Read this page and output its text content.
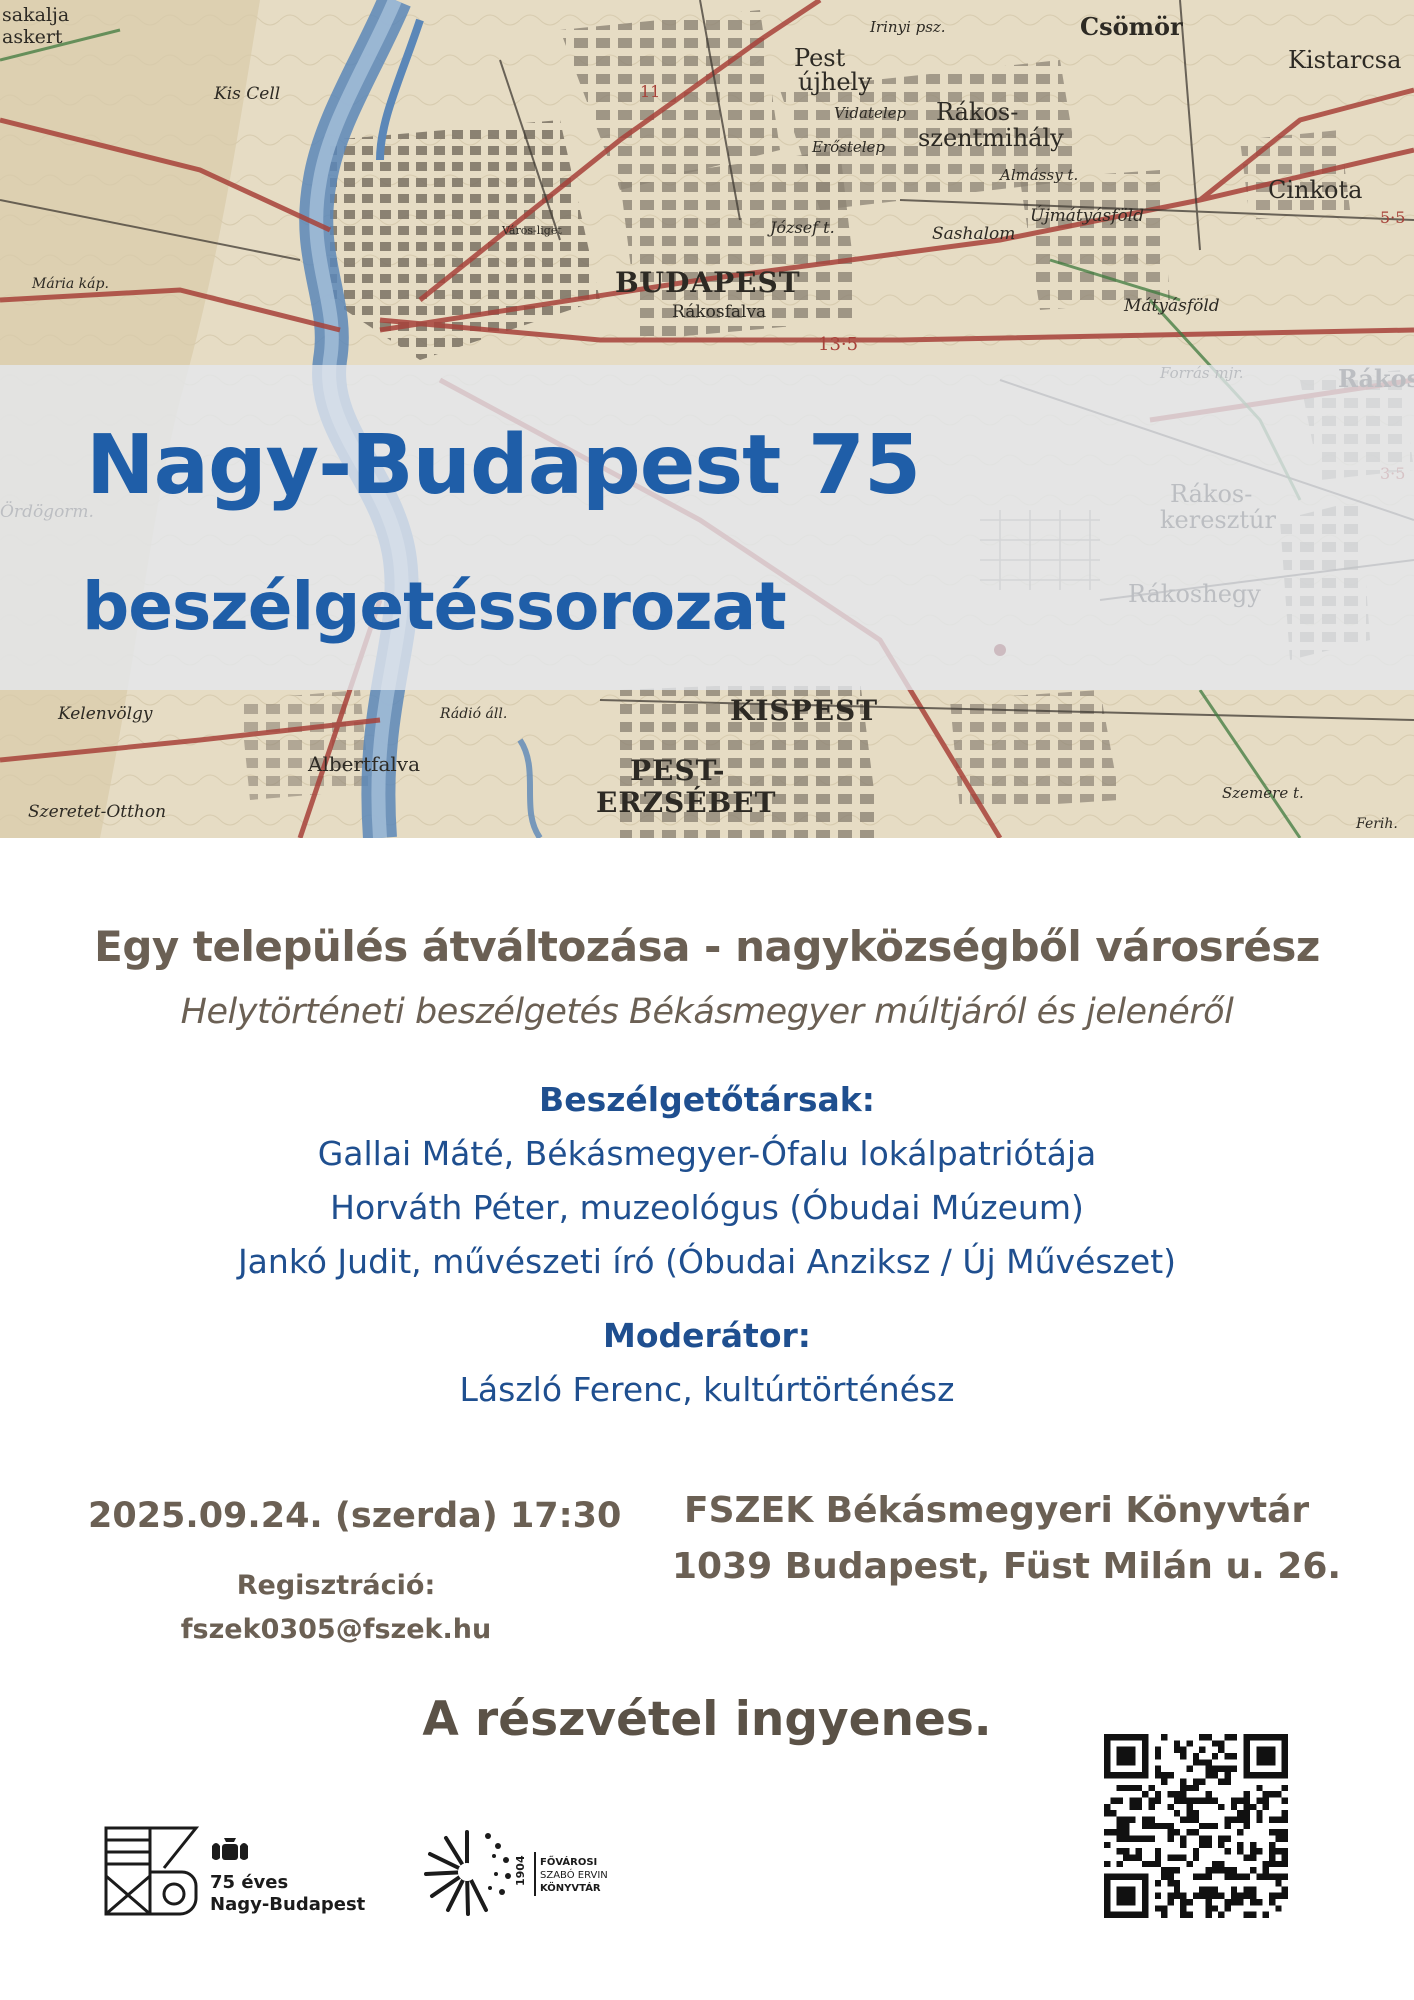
BUDAPEST
Rákosfalva
Csömör
Kistarcsa
Cinkota
Rákos-
szentmihály
Pest
újhely
Sashalom
Mátyásföld
Újmátyásföld
KISPEST
PEST-
ERZSÉBET
Albertfalva
Kelenvölgy
Szeretet-Otthon
Kis Cell
Mária káp.
Irinyi psz.
Vidatelep
Erőstelep
József t.
Almássy t.
Szemere t.
Rádió áll.
Ferih.
sakalja
askert
Város-liget
11
13·5
5·5
Nagy-Budapest 75
beszélgetéssorozat
Egy település átváltozása - nagyközségből városrész
Helytörténeti beszélgetés Békásmegyer múltjáról és jelenéről
Beszélgetőtársak:
Gallai Máté, Békásmegyer-Ófalu lokálpatriótája
Horváth Péter, muzeológus (Óbudai Múzeum)
Jankó Judit, művészeti író (Óbudai Anziksz / Új Művészet)
Moderátor:
László Ferenc, kultúrtörténész
2025.09.24. (szerda) 17:30	FSZEK Békásmegyeri Könyvtár
1039 Budapest, Füst Milán u. 26.
Regisztráció:
fszek0305@fszek.hu
A részvétel ingyenes.
75 éves
Nagy-Budapest
1904 FŐVÁROSI
SZABÓ ERVIN
KÖNYVTÁR
